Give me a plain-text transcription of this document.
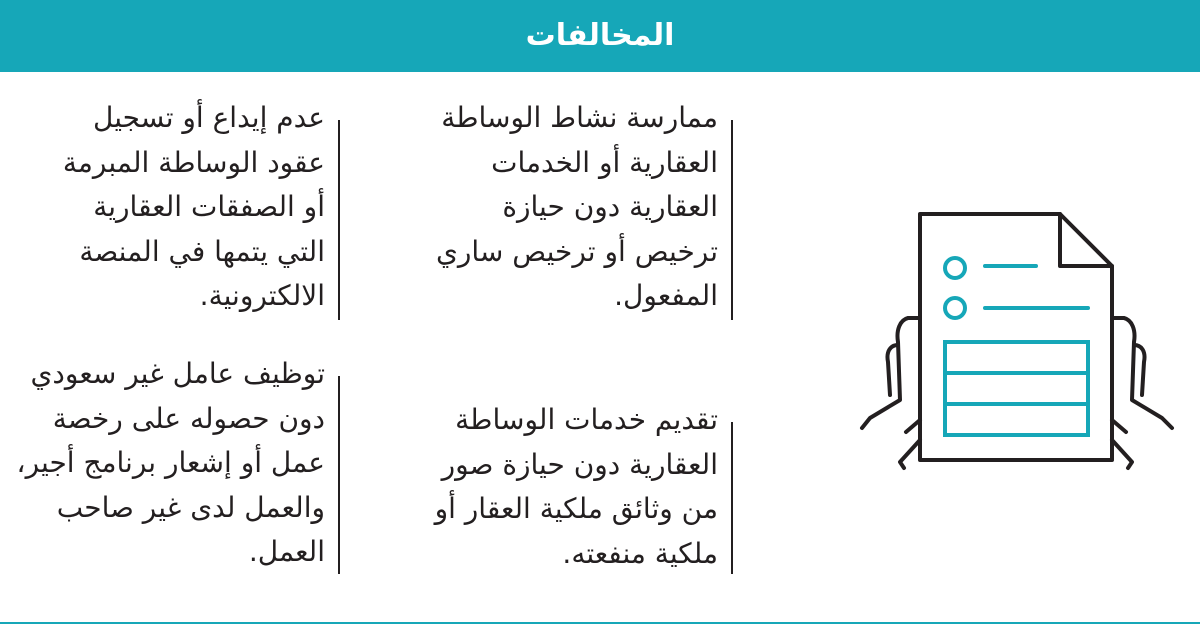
المخالفات
ممارسة نشاط الوساطة
العقارية أو الخدمات
العقارية دون حيازة
ترخيص أو ترخيص ساري
المفعول.
عدم إيداع أو تسجيل
عقود الوساطة المبرمة
أو الصفقات العقارية
التي يتمها في المنصة
الالكترونية.
تقديم خدمات الوساطة
العقارية دون حيازة صور
من وثائق ملكية العقار أو
ملكية منفعته.
توظيف عامل غير سعودي
دون حصوله على رخصة
عمل أو إشعار برنامج أجير،
والعمل لدى غير صاحب
العمل.
